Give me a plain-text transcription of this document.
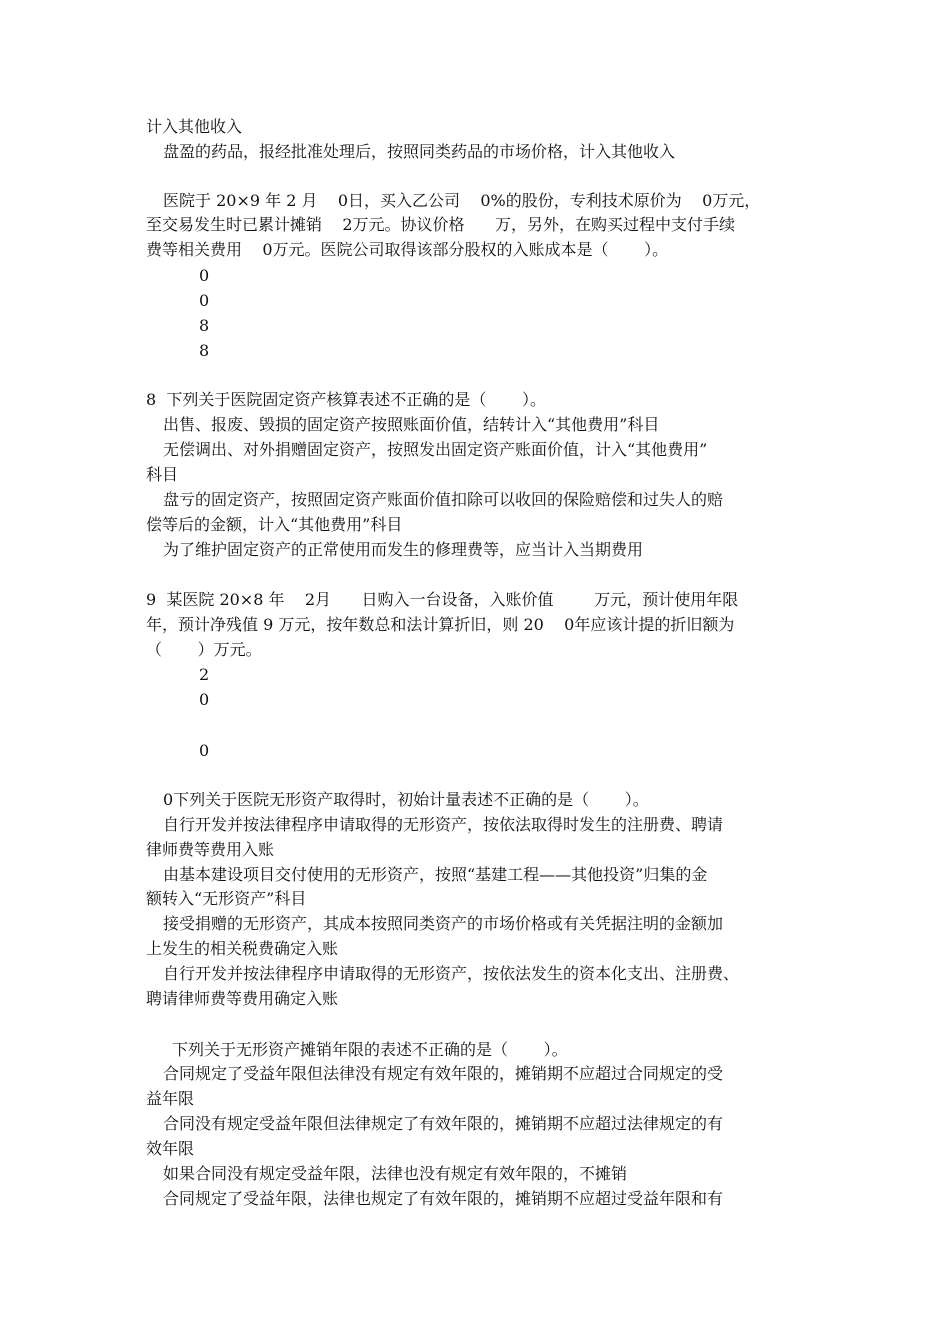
计入其他收入

盘盈的药品，报经批准处理后，按照同类药品的市场价格，计入其他收入

医院于 20×9 年 2 月    0日，买入乙公司    0%的股份，专利技术原价为    0万元，

至交易发生时已累计摊销    2万元。协议价格      万，另外，在购买过程中支付手续

费等相关费用    0万元。医院公司取得该部分股权的入账成本是（       ）。

0

0

8

8

8  下列关于医院固定资产核算表述不正确的是（       ）。

出售、报废、毁损的固定资产按照账面价值，结转计入“其他费用”科目

无偿调出、对外捐赠固定资产，按照发出固定资产账面价值，计入“其他费用”

科目

盘亏的固定资产，按照固定资产账面价值扣除可以收回的保险赔偿和过失人的赔

偿等后的金额，计入“其他费用”科目

为了维护固定资产的正常使用而发生的修理费等，应当计入当期费用

9  某医院 20×8 年    2月      日购入一台设备，入账价值        万元，预计使用年限

年，预计净残值 9 万元，按年数总和法计算折旧，则 20    0年应该计提的折旧额为

（       ）万元。

2

0

0

0下列关于医院无形资产取得时，初始计量表述不正确的是（       ）。

自行开发并按法律程序申请取得的无形资产，按依法取得时发生的注册费、聘请

律师费等费用入账

由基本建设项目交付使用的无形资产，按照“基建工程——其他投资”归集的金

额转入“无形资产”科目

接受捐赠的无形资产，其成本按照同类资产的市场价格或有关凭据注明的金额加

上发生的相关税费确定入账

自行开发并按法律程序申请取得的无形资产，按依法发生的资本化支出、注册费、

聘请律师费等费用确定入账

下列关于无形资产摊销年限的表述不正确的是（       ）。

合同规定了受益年限但法律没有规定有效年限的，摊销期不应超过合同规定的受

益年限

合同没有规定受益年限但法律规定了有效年限的，摊销期不应超过法律规定的有

效年限

如果合同没有规定受益年限，法律也没有规定有效年限的，不摊销

合同规定了受益年限，法律也规定了有效年限的，摊销期不应超过受益年限和有
